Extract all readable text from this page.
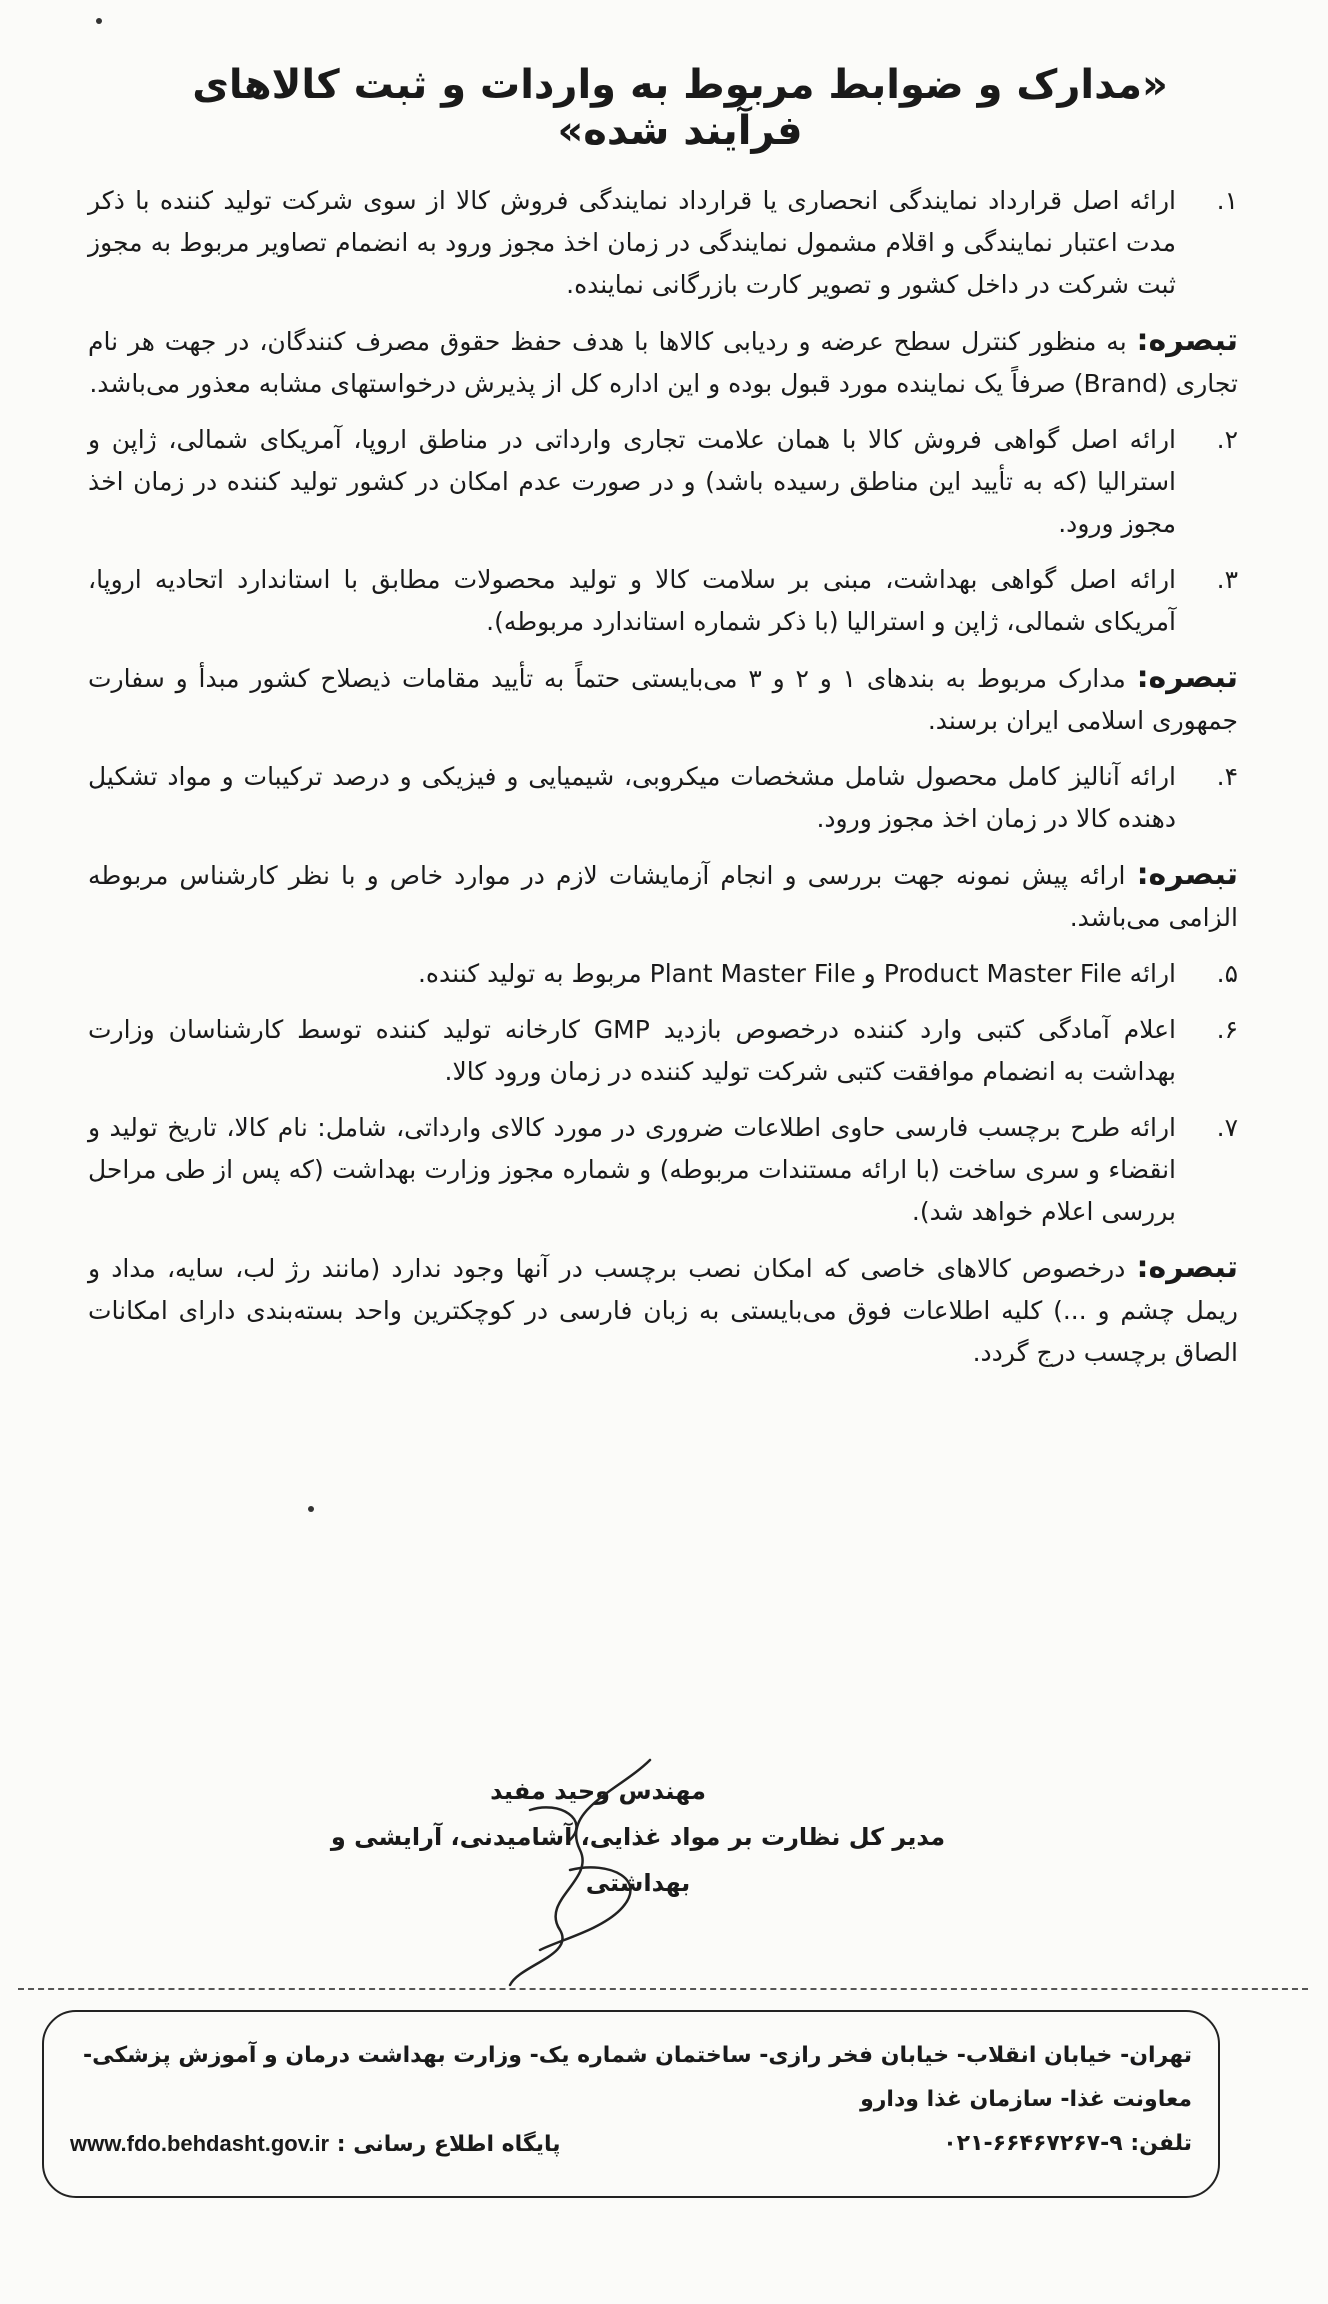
«مدارک و ضوابط مربوط به واردات و ثبت کالاهای فرآیند شده»
۱.
ارائه اصل قرارداد نمایندگی انحصاری یا قرارداد نمایندگی فروش کالا از سوی شرکت تولید کننده با ذکر مدت اعتبار نمایندگی و اقلام مشمول نمایندگی در زمان اخذ مجوز ورود به انضمام تصاویر مربوط به مجوز ثبت شرکت در داخل کشور و تصویر کارت بازرگانی نماینده.
تبصره: به منظور کنترل سطح عرضه و ردیابی کالاها با هدف حفظ حقوق مصرف کنندگان، در جهت هر نام تجاری (Brand) صرفاً یک نماینده مورد قبول بوده و این اداره کل از پذیرش درخواستهای مشابه معذور می‌باشد.
۲.
ارائه اصل گواهی فروش کالا با همان علامت تجاری وارداتی در مناطق اروپا، آمریکای شمالی، ژاپن و استرالیا (که به تأیید این مناطق رسیده باشد) و در صورت عدم امکان در کشور تولید کننده در زمان اخذ مجوز ورود.
۳.
ارائه اصل گواهی بهداشت، مبنی بر سلامت کالا و تولید محصولات مطابق با استاندارد اتحادیه اروپا، آمریکای شمالی، ژاپن و استرالیا (با ذکر شماره استاندارد مربوطه).
تبصره: مدارک مربوط به بندهای ۱ و ۲ و ۳ می‌بایستی حتماً به تأیید مقامات ذیصلاح کشور مبدأ و سفارت جمهوری اسلامی ایران برسند.
۴.
ارائه آنالیز کامل محصول شامل مشخصات میکروبی، شیمیایی و فیزیکی و درصد ترکیبات و مواد تشکیل دهنده کالا در زمان اخذ مجوز ورود.
تبصره: ارائه پیش نمونه جهت بررسی و انجام آزمایشات لازم در موارد خاص و با نظر کارشناس مربوطه الزامی می‌باشد.
۵.
ارائه Product Master File و Plant Master File مربوط به تولید کننده.
۶.
اعلام آمادگی کتبی وارد کننده درخصوص بازدید GMP کارخانه تولید کننده توسط کارشناسان وزارت بهداشت به انضمام موافقت کتبی شرکت تولید کننده در زمان ورود کالا.
۷.
ارائه طرح برچسب فارسی حاوی اطلاعات ضروری در مورد کالای وارداتی، شامل: نام کالا، تاریخ تولید و انقضاء و سری ساخت (با ارائه مستندات مربوطه) و شماره مجوز وزارت بهداشت (که پس از طی مراحل بررسی اعلام خواهد شد).
تبصره: درخصوص کالاهای خاصی که امکان نصب برچسب در آنها وجود ندارد (مانند رژ لب، سایه، مداد و ریمل چشم و ...) کلیه اطلاعات فوق می‌بایستی به زبان فارسی در کوچکترین واحد بسته‌بندی دارای امکانات الصاق برچسب درج گردد.
مهندس وحید مفید
مدیر کل نظارت بر مواد غذایی، آشامیدنی، آرایشی و بهداشتی
تهران- خیابان انقلاب- خیابان فخر رازی- ساختمان شماره یک- وزارت بهداشت درمان و آموزش پزشکی-
معاونت غذا- سازمان غذا ودارو
تلفن: ۹-۶۶۴۶۷۲۶۷-۰۲۱
پایگاه اطلاع رسانی : www.fdo.behdasht.gov.ir
